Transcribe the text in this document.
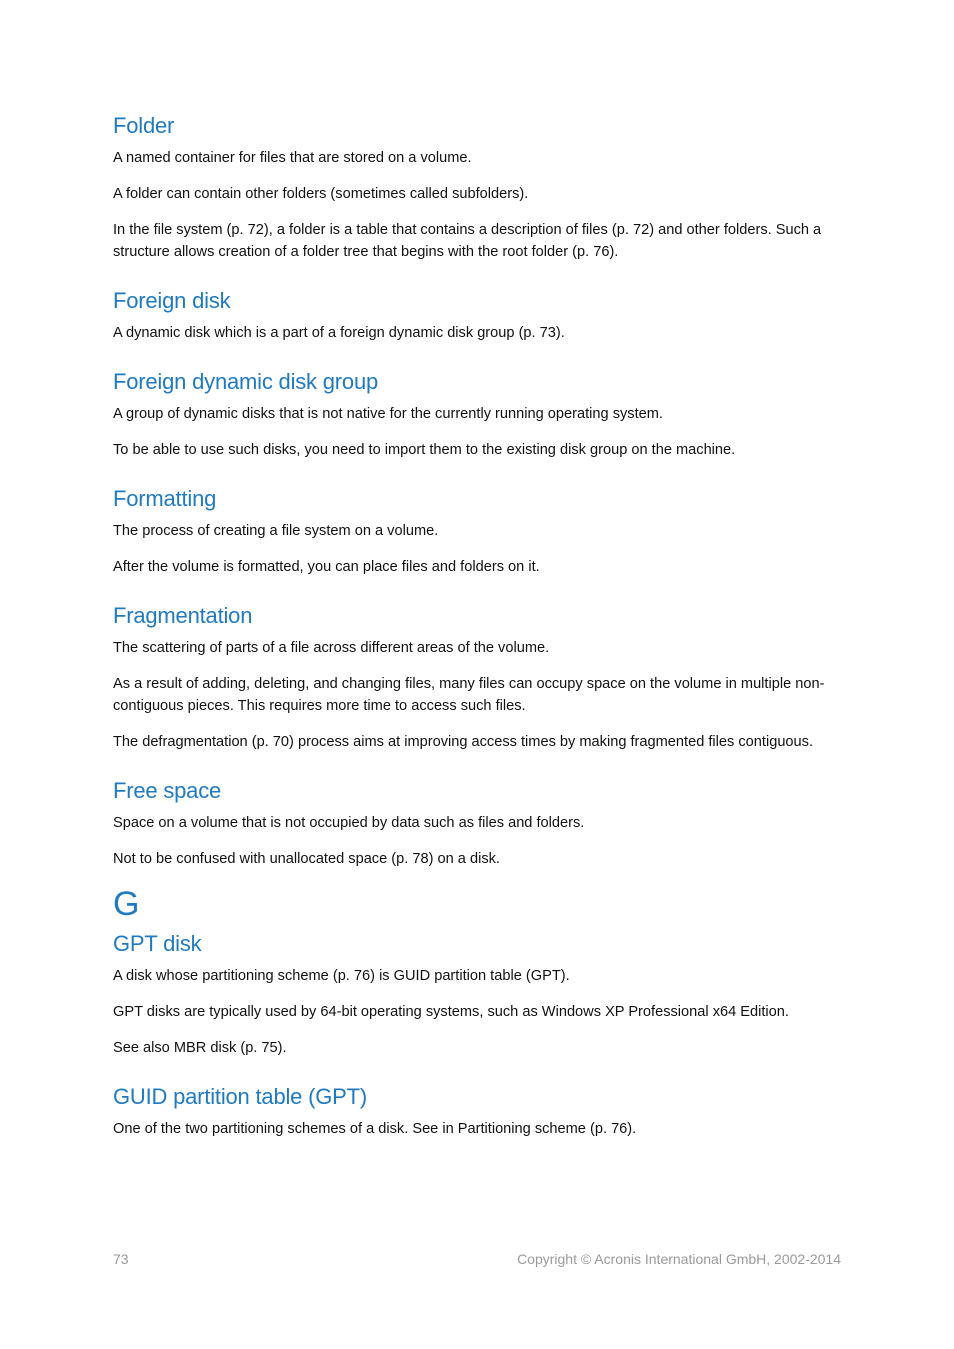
Folder

A named container for files that are stored on a volume.

A folder can contain other folders (sometimes called subfolders).

In the file system (p. 72), a folder is a table that contains a description of files (p. 72) and other folders. Such a structure allows creation of a folder tree that begins with the root folder (p. 76).

Foreign disk

A dynamic disk which is a part of a foreign dynamic disk group (p. 73).

Foreign dynamic disk group

A group of dynamic disks that is not native for the currently running operating system.

To be able to use such disks, you need to import them to the existing disk group on the machine.

Formatting

The process of creating a file system on a volume.

After the volume is formatted, you can place files and folders on it.

Fragmentation

The scattering of parts of a file across different areas of the volume.

As a result of adding, deleting, and changing files, many files can occupy space on the volume in multiple non-contiguous pieces. This requires more time to access such files.

The defragmentation (p. 70) process aims at improving access times by making fragmented files contiguous.

Free space

Space on a volume that is not occupied by data such as files and folders.

Not to be confused with unallocated space (p. 78) on a disk.

G
GPT disk

A disk whose partitioning scheme (p. 76) is GUID partition table (GPT).

GPT disks are typically used by 64-bit operating systems, such as Windows XP Professional x64 Edition.

See also MBR disk (p. 75).

GUID partition table (GPT)

One of the two partitioning schemes of a disk. See in Partitioning scheme (p. 76).

73	Copyright © Acronis International GmbH, 2002-2014
